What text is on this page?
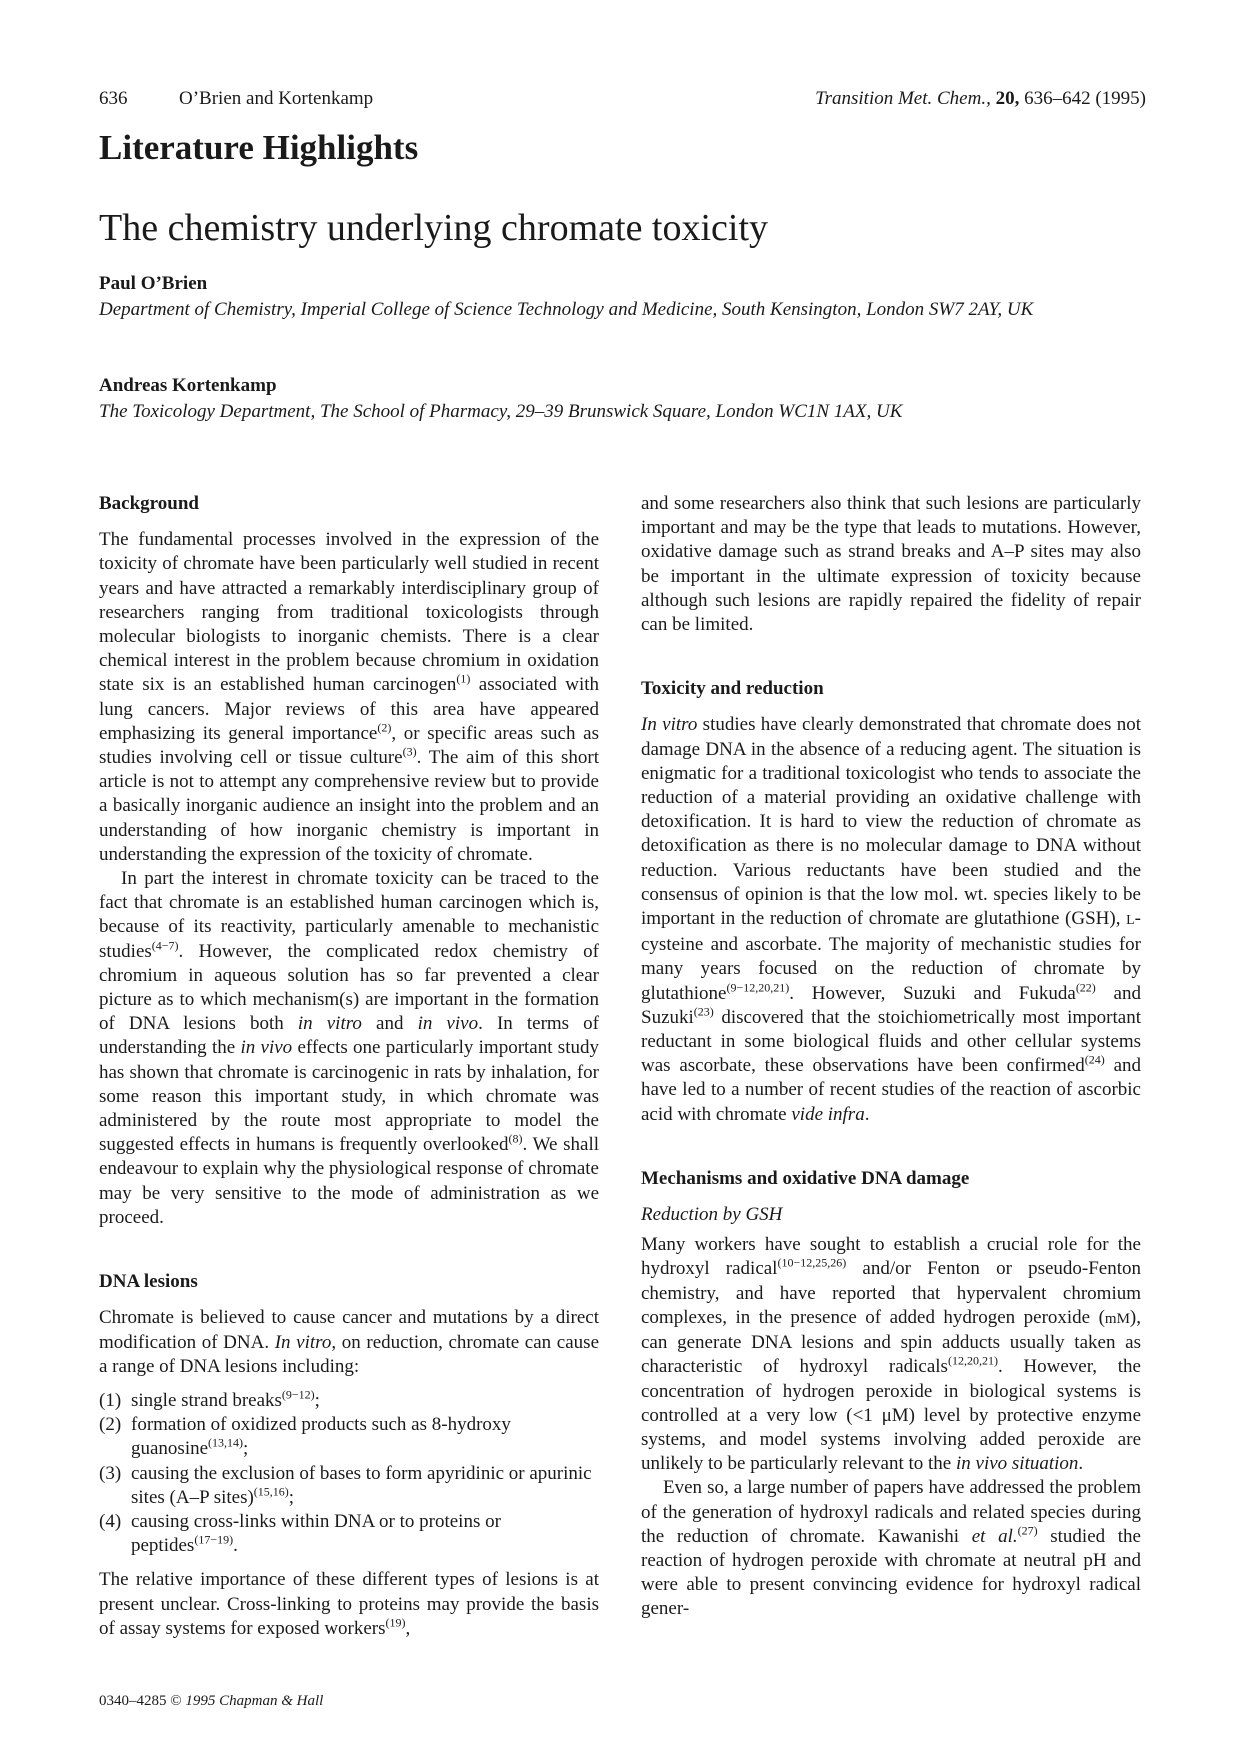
636	O’Brien and Kortenkamp	Transition Met. Chem., 20, 636–642 (1995)
Literature Highlights
The chemistry underlying chromate toxicity
Paul O’Brien
Department of Chemistry, Imperial College of Science Technology and Medicine, South Kensington, London SW7 2AY, UK
Andreas Kortenkamp
The Toxicology Department, The School of Pharmacy, 29–39 Brunswick Square, London WC1N 1AX, UK
Background

The fundamental processes involved in the expression of the toxicity of chromate have been particularly well studied in recent years and have attracted a remarkably interdisciplinary group of researchers ranging from traditional toxicologists through molecular biologists to inorganic chemists. There is a clear chemical interest in the problem because chromium in oxidation state six is an established human carcinogen$^{(1)}$ associated with lung cancers. Major reviews of this area have appeared emphasizing its general importance$^{(2)}$, or specific areas such as studies involving cell or tissue culture$^{(3)}$. The aim of this short article is not to attempt any comprehensive review but to provide a basically inorganic audience an insight into the problem and an understanding of how inorganic chemistry is important in understanding the expression of the toxicity of chromate.

In part the interest in chromate toxicity can be traced to the fact that chromate is an established human carcinogen which is, because of its reactivity, particularly amenable to mechanistic studies$^{(4-7)}$. However, the complicated redox chemistry of chromium in aqueous solution has so far prevented a clear picture as to which mechanism(s) are important in the formation of DNA lesions both in vitro and in vivo. In terms of understanding the in vivo effects one particularly important study has shown that chromate is carcinogenic in rats by inhalation, for some reason this important study, in which chromate was administered by the route most appropriate to model the suggested effects in humans is frequently overlooked$^{(8)}$. We shall endeavour to explain why the physiological response of chromate may be very sensitive to the mode of administration as we proceed.

DNA lesions

Chromate is believed to cause cancer and mutations by a direct modification of DNA. In vitro, on reduction, chromate can cause a range of DNA lesions including:

(1) single strand breaks$^{(9-12)}$;
(2) formation of oxidized products such as 8-hydroxy guanosine$^{(13,14)}$;
(3) causing the exclusion of bases to form apyridinic or apurinic sites (A–P sites)$^{(15,16)}$;
(4) causing cross-links within DNA or to proteins or peptides$^{(17-19)}$.

The relative importance of these different types of lesions is at present unclear. Cross-linking to proteins may provide the basis of assay systems for exposed workers$^{(19)}$,

and some researchers also think that such lesions are particularly important and may be the type that leads to mutations. However, oxidative damage such as strand breaks and A–P sites may also be important in the ultimate expression of toxicity because although such lesions are rapidly repaired the fidelity of repair can be limited.

Toxicity and reduction

In vitro studies have clearly demonstrated that chromate does not damage DNA in the absence of a reducing agent. The situation is enigmatic for a traditional toxicologist who tends to associate the reduction of a material providing an oxidative challenge with detoxification. It is hard to view the reduction of chromate as detoxification as there is no molecular damage to DNA without reduction. Various reductants have been studied and the consensus of opinion is that the low mol. wt. species likely to be important in the reduction of chromate are glutathione (GSH), L-cysteine and ascorbate. The majority of mechanistic studies for many years focused on the reduction of chromate by glutathione$^{(9-12,20,21)}$. However, Suzuki and Fukuda$^{(22)}$ and Suzuki$^{(23)}$ discovered that the stoichiometrically most important reductant in some biological fluids and other cellular systems was ascorbate, these observations have been confirmed$^{(24)}$ and have led to a number of recent studies of the reaction of ascorbic acid with chromate vide infra.

Mechanisms and oxidative DNA damage
Reduction by GSH

Many workers have sought to establish a crucial role for the hydroxyl radical$^{(10-12,25,26)}$ and/or Fenton or pseudo-Fenton chemistry, and have reported that hypervalent chromium complexes, in the presence of added hydrogen peroxide (mM), can generate DNA lesions and spin adducts usually taken as characteristic of hydroxyl radicals$^{(12,20,21)}$. However, the concentration of hydrogen peroxide in biological systems is controlled at a very low (<1 μM) level by protective enzyme systems, and model systems involving added peroxide are unlikely to be particularly relevant to the in vivo situation.

Even so, a large number of papers have addressed the problem of the generation of hydroxyl radicals and related species during the reduction of chromate. Kawanishi et al.$^{(27)}$ studied the reaction of hydrogen peroxide with chromate at neutral pH and were able to present convincing evidence for hydroxyl radical gener-

0340–4285 © 1995 Chapman & Hall
